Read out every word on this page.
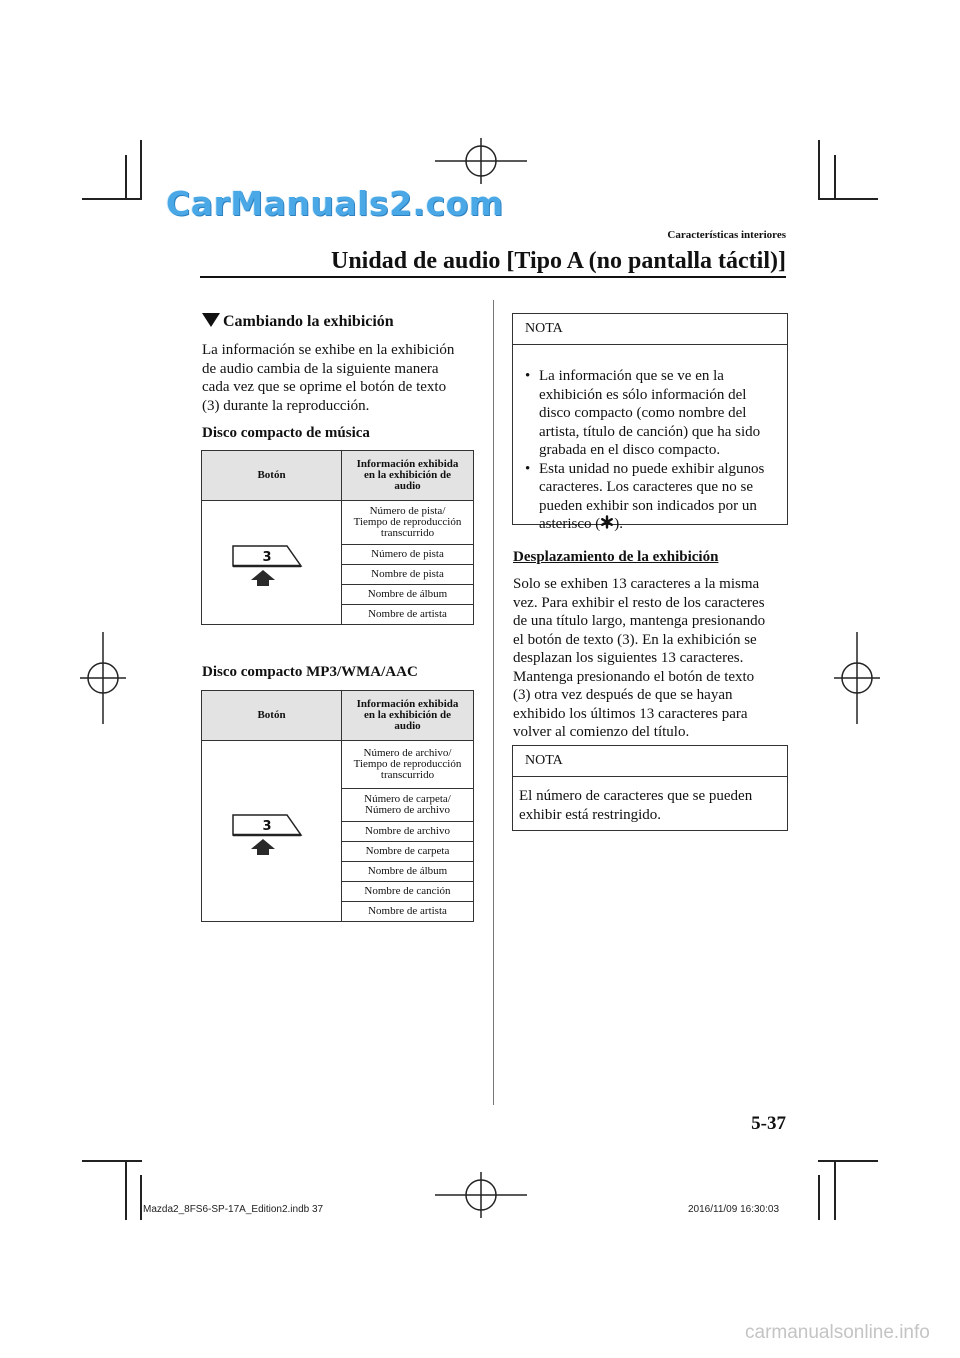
CarManuals2.com
Características interiores
Unidad de audio [Tipo A (no pantalla táctil)]
Cambiando la exhibición
La información se exhibe en la exhibición
de audio cambia de la siguiente manera
cada vez que se oprime el botón de texto
(3) durante la reproducción.
Disco compacto de música
Botón	Información exhibida
en la exhibición de
audio

3	Número de pista/
Tiempo de reproducción
transcurrido

	Número de pista
	Nombre de pista
	Nombre de álbum
	Nombre de artista
Disco compacto MP3/WMA/AAC
Botón	Información exhibida
en la exhibición de
audio

3	Número de archivo/
Tiempo de reproducción
transcurrido

	Número de carpeta/
Número de archivo

	Nombre de archivo
	Nombre de carpeta
	Nombre de álbum
	Nombre de canción
	Nombre de artista
NOTA
• La información que se ve en la
exhibición es sólo información del
disco compacto (como nombre del
artista, título de canción) que ha sido
grabada en el disco compacto.
• Esta unidad no puede exhibir algunos
caracteres. Los caracteres que no se
pueden exhibir son indicados por un
asterisco ( ).
Desplazamiento de la exhibición
Solo se exhiben 13 caracteres a la misma
vez. Para exhibir el resto de los caracteres
de una título largo, mantenga presionando
el botón de texto (3). En la exhibición se
desplazan los siguientes 13 caracteres.
Mantenga presionando el botón de texto
(3) otra vez después de que se hayan
exhibido los últimos 13 caracteres para
volver al comienzo del título.
NOTA
El número de caracteres que se pueden
exhibir está restringido.
5-37
Mazda2_8FS6-SP-17A_Edition2.indb 37	2016/11/09 16:30:03
carmanualsonline.info
